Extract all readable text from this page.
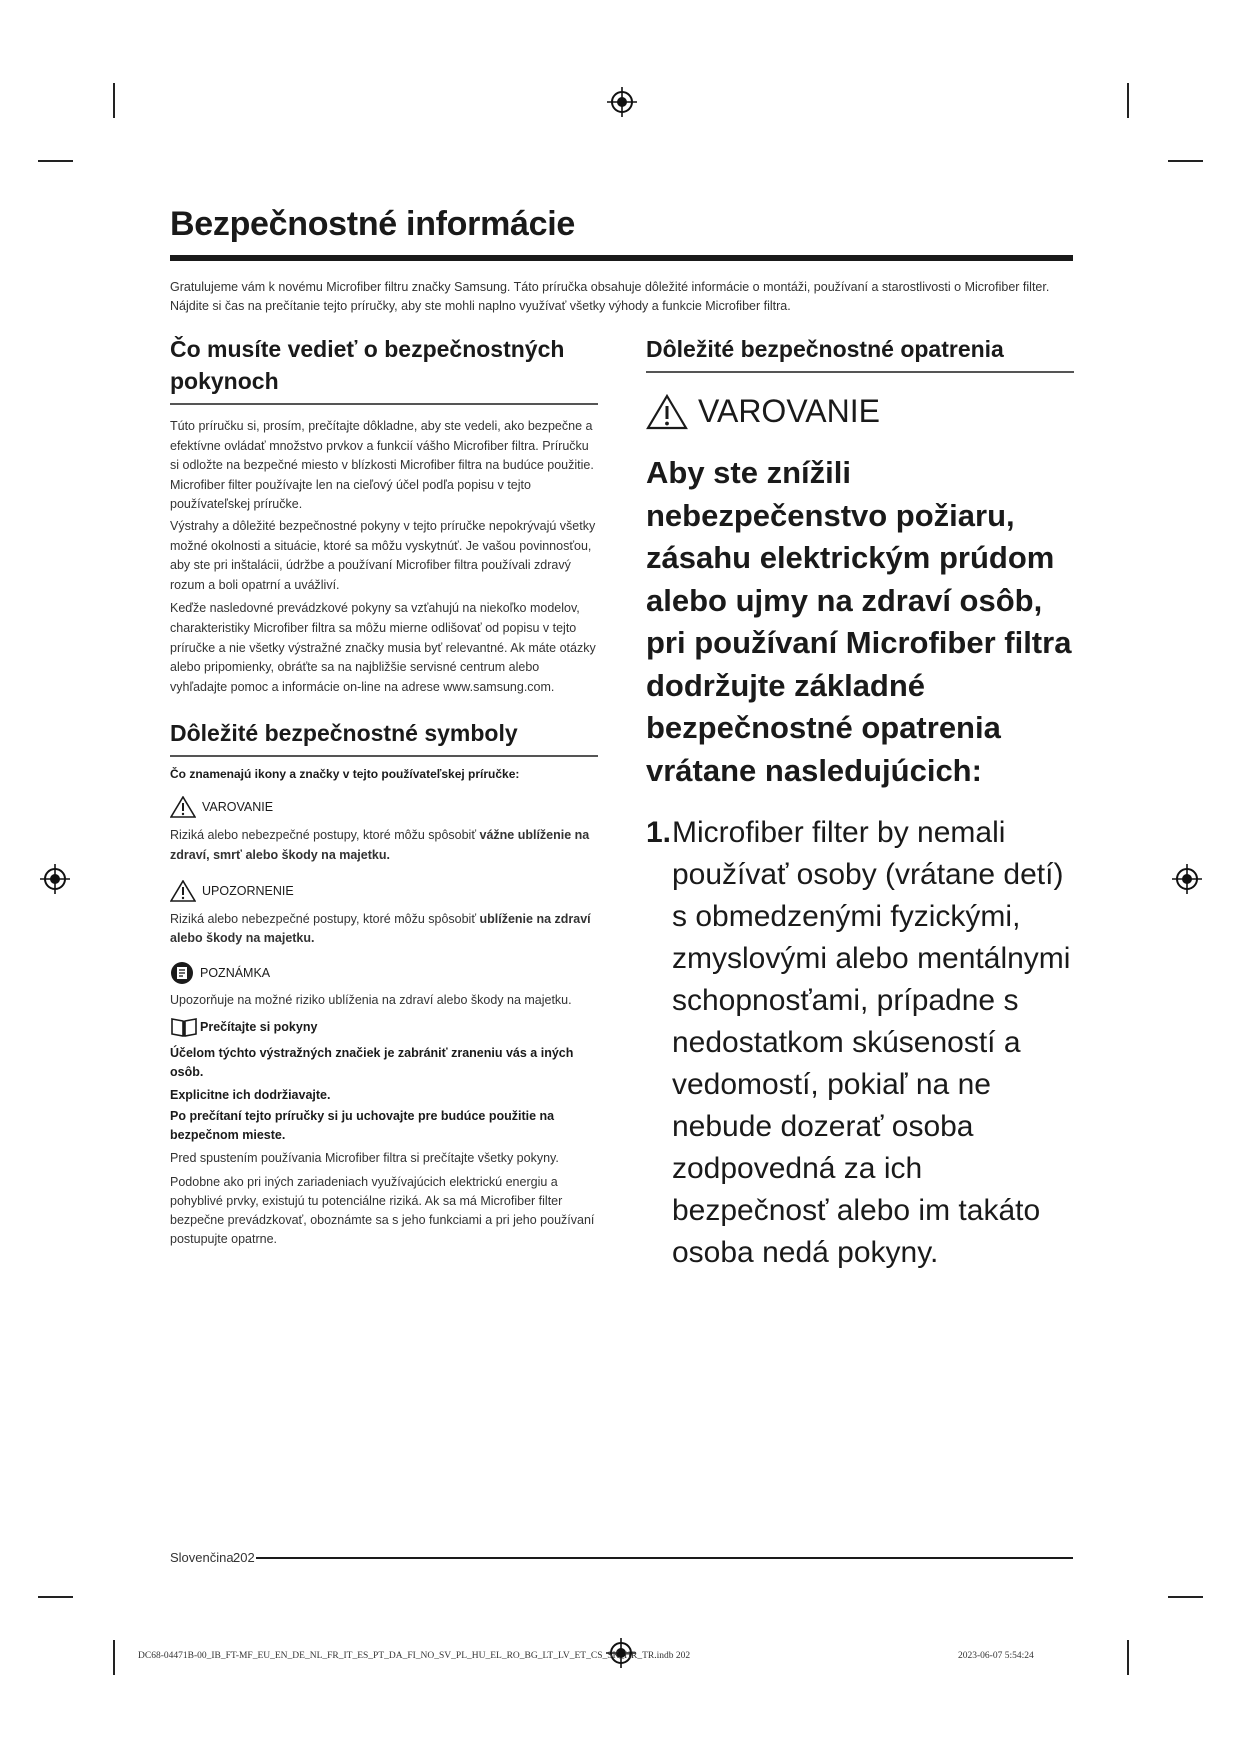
Bezpečnostné informácie
Gratulujeme vám k novému Microfiber filtru značky Samsung. Táto príručka obsahuje dôležité informácie o montáži, používaní a starostlivosti o Microfiber filter. Nájdite si čas na prečítanie tejto príručky, aby ste mohli naplno využívať všetky výhody a funkcie Microfiber filtra.
Čo musíte vedieť o bezpečnostných pokynoch

Túto príručku si, prosím, prečítajte dôkladne, aby ste vedeli, ako bezpečne a efektívne ovládať množstvo prvkov a funkcií vášho Microfiber filtra. Príručku si odložte na bezpečné miesto v blízkosti Microfiber filtra na budúce použitie. Microfiber filter používajte len na cieľový účel podľa popisu v tejto používateľskej príručke.

Výstrahy a dôležité bezpečnostné pokyny v tejto príručke nepokrývajú všetky možné okolnosti a situácie, ktoré sa môžu vyskytnúť. Je vašou povinnosťou, aby ste pri inštalácii, údržbe a používaní Microfiber filtra používali zdravý rozum a boli opatrní a uvážliví.

Keďže nasledovné prevádzkové pokyny sa vzťahujú na niekoľko modelov, charakteristiky Microfiber filtra sa môžu mierne odlišovať od popisu v tejto príručke a nie všetky výstražné značky musia byť relevantné. Ak máte otázky alebo pripomienky, obráťte sa na najbližšie servisné centrum alebo vyhľadajte pomoc a informácie on-line na adrese www.samsung.com.

Dôležité bezpečnostné symboly
Čo znamenajú ikony a značky v tejto používateľskej príručke:
VAROVANIE

Riziká alebo nebezpečné postupy, ktoré môžu spôsobiť vážne ublíženie na zdraví, smrť alebo škody na majetku.

UPOZORNENIE

Riziká alebo nebezpečné postupy, ktoré môžu spôsobiť ublíženie na zdraví alebo škody na majetku.

POZNÁMKA

Upozorňuje na možné riziko ublíženia na zdraví alebo škody na majetku.

Prečítajte si pokyny
Účelom týchto výstražných značiek je zabrániť zraneniu vás a iných osôb.
Explicitne ich dodržiavajte.
Po prečítaní tejto príručky si ju uchovajte pre budúce použitie na bezpečnom mieste.

Pred spustením používania Microfiber filtra si prečítajte všetky pokyny.

Podobne ako pri iných zariadeniach využívajúcich elektrickú energiu a pohyblivé prvky, existujú tu potenciálne riziká. Ak sa má Microfiber filter bezpečne prevádzkovať, oboznámte sa s jeho funkciami a pri jeho používaní postupujte opatrne.

Dôležité bezpečnostné opatrenia
VAROVANIE

Aby ste znížili nebezpečenstvo požiaru, zásahu elektrickým prúdom alebo ujmy na zdraví osôb, pri používaní Microfiber filtra dodržujte základné bezpečnostné opatrenia vrátane nasledujúcich:

1. Microfiber filter by nemali používať osoby (vrátane detí) s obmedzenými fyzickými, zmyslovými alebo mentálnymi schopnosťami, prípadne s nedostatkom skúseností a vedomostí, pokiaľ na ne nebude dozerať osoba zodpovedná za ich bezpečnosť alebo im takáto osoba nedá pokyny.
Slovenčina 202
DC68-04471B-00_IB_FT-MF_EU_EN_DE_NL_FR_IT_ES_PT_DA_FI_NO_SV_PL_HU_EL_RO_BG_LT_LV_ET_CS_SK_HR_TR.indb 202	2023-06-07 5:54:24
